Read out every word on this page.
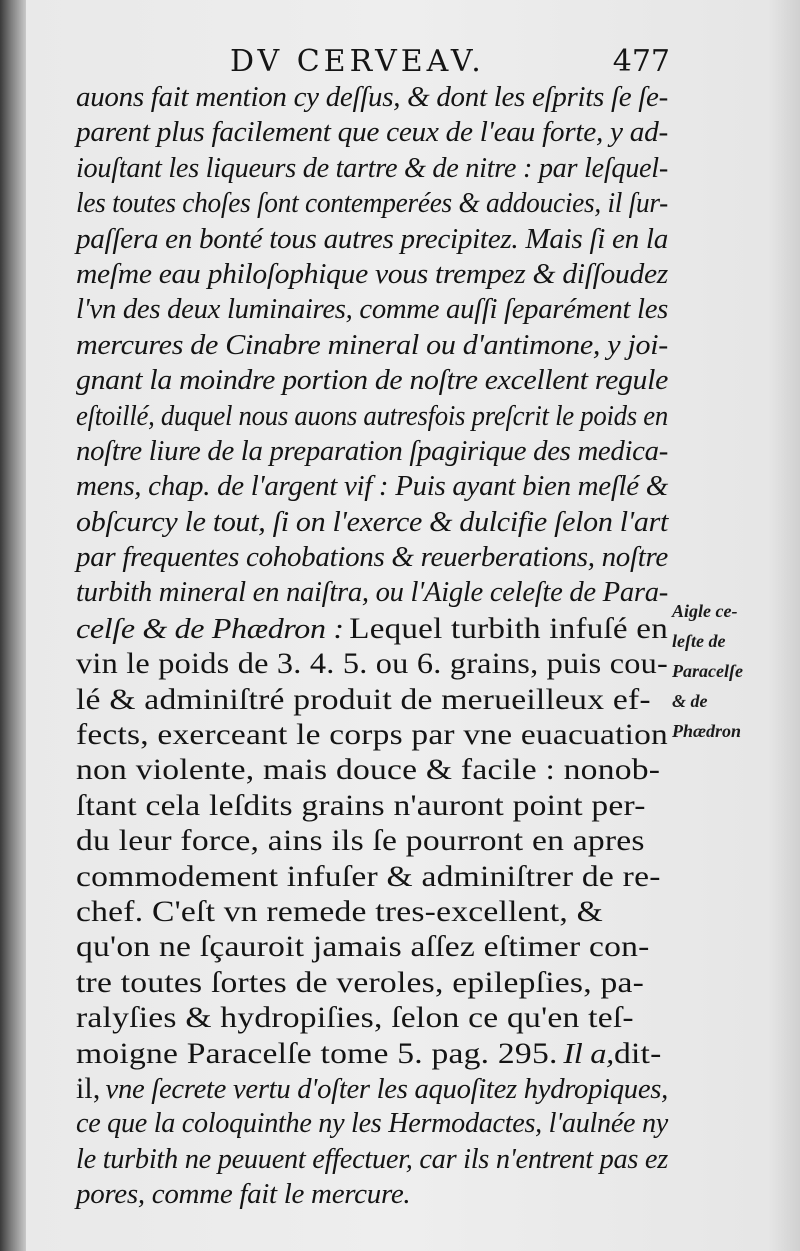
DV CERVEAV.	477
auons fait mention cy deſſus, & dont les eſprits ſe ſe-
parent plus facilement que ceux de l'eau forte, y ad-
iouſtant les liqueurs de tartre & de nitre : par leſquel-
les toutes choſes ſont contemperées & addoucies, il ſur-
paſſera en bonté tous autres precipitez. Mais ſi en la
meſme eau philoſophique vous trempez & diſſoudez
l'vn des deux luminaires, comme auſſi ſeparément les
mercures de Cinabre mineral ou d'antimone, y joi-
gnant la moindre portion de noſtre excellent regule
eſtoillé, duquel nous auons autresfois preſcrit le poids en
noſtre liure de la preparation ſpagirique des medica-
mens, chap. de l'argent vif : Puis ayant bien meſlé &
obſcurcy le tout, ſi on l'exerce & dulcifie ſelon l'art
par frequentes cohobations & reuerberations, noſtre
turbith mineral en naiſtra, ou l'Aigle celeſte de Para-
celſe & de Phædron : Lequel turbith infuſé en
vin le poids de 3. 4. 5. ou 6. grains, puis cou-
lé & adminiſtré produit de merueilleux ef-
fects, exerceant le corps par vne euacuation
non violente, mais douce & facile : nonob-
ſtant cela leſdits grains n'auront point per-
du leur force, ains ils ſe pourront en apres
commodement infuſer & adminiſtrer de re-
chef. C'eſt vn remede tres-excellent, &
qu'on ne ſçauroit jamais aſſez eſtimer con-
tre toutes ſortes de veroles, epilepſies, pa-
ralyſies & hydropiſies, ſelon ce qu'en teſ-
moigne Paracelſe tome 5. pag. 295. Il a,dit-
il, vne ſecrete vertu d'oſter les aquoſitez hydropiques,
ce que la coloquinthe ny les Hermodactes, l'aulnée ny
le turbith ne peuuent effectuer, car ils n'entrent pas ez
pores, comme fait le mercure.
Aigle ce-
leſte de
Paracelſe
& de
Phædron
